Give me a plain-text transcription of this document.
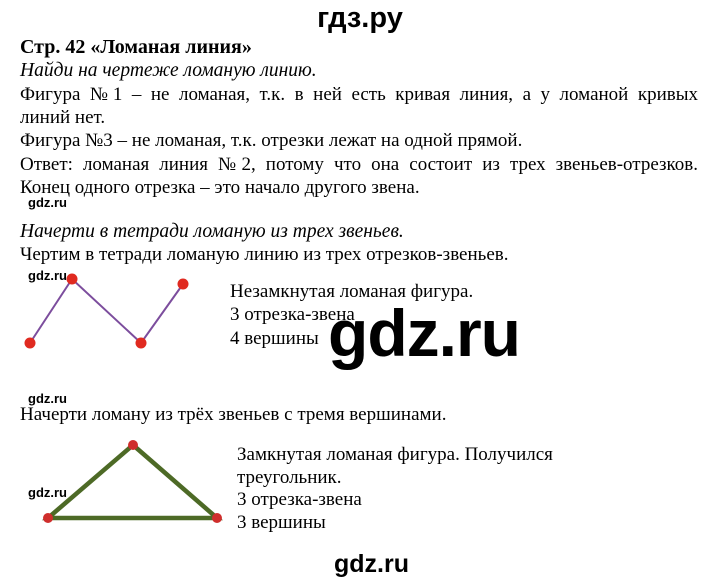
гдз.ру
Стр. 42 «Ломаная линия»
Найди на чертеже ломаную линию.
Фигура №1 – не ломаная, т.к. в ней есть кривая линия, а у ломаной кривых
линий нет.
Фигура №3 – не ломаная, т.к. отрезки лежат на одной прямой.
Ответ: ломаная линия №2, потому что она состоит из трех звеньев-отрезков.
Конец одного отрезка – это начало другого звена.
gdz.ru
Начерти в тетради ломаную из трех звеньев.
Чертим в тетради ломаную линию из трех отрезков-звеньев.
gdz.ru
Незамкнутая ломаная фигура.
3 отрезка-звена
4 вершины gdz.ru
gdz.ru
Начерти ломану из трёх звеньев с тремя вершинами.
gdz.ru
Замкнутая ломаная фигура. Получился
треугольник.
3 отрезка-звена
3 вершины
gdz.ru
